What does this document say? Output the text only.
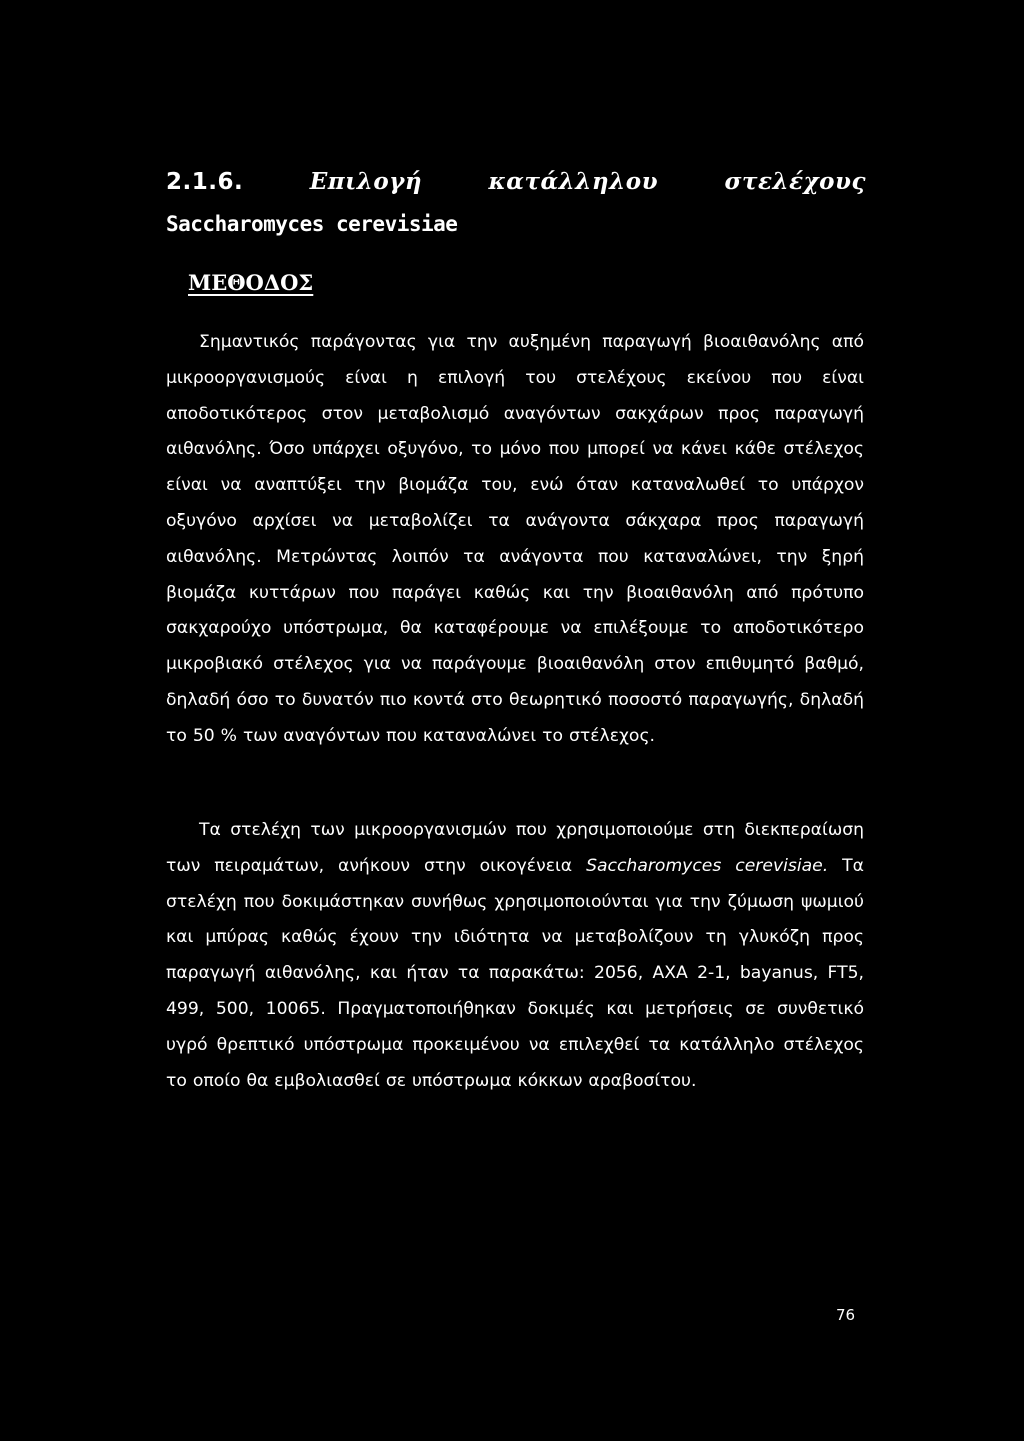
2.1.6.	Επιλογή	κατάλληλου	στελέχους
Saccharomyces cerevisiae
ΜΕΘΟΔΟΣ

Σημαντικός παράγοντας για την αυξημένη παραγωγή βιοαιθανόλης από μικροοργανισμούς είναι η επιλογή του στελέχους εκείνου που είναι αποδοτικότερος στον μεταβολισμό αναγόντων σακχάρων προς παραγωγή αιθανόλης. Όσο υπάρχει οξυγόνο, το μόνο που μπορεί να κάνει κάθε στέλεχος είναι να αναπτύξει την βιομάζα του, ενώ όταν καταναλωθεί το υπάρχον οξυγόνο αρχίσει να μεταβολίζει τα ανάγοντα σάκχαρα προς παραγωγή αιθανόλης. Μετρώντας λοιπόν τα ανάγοντα που καταναλώνει, την ξηρή βιομάζα κυττάρων που παράγει καθώς και την βιοαιθανόλη από πρότυπο σακχαρούχο υπόστρωμα, θα καταφέρουμε να επιλέξουμε το αποδοτικότερο μικροβιακό στέλεχος για να παράγουμε βιοαιθανόλη στον επιθυμητό βαθμό, δηλαδή όσο το δυνατόν πιο κοντά στο θεωρητικό ποσοστό παραγωγής, δηλαδή το 50 % των αναγόντων που καταναλώνει το στέλεχος.

Τα στελέχη των μικροοργανισμών που χρησιμοποιούμε στη διεκπεραίωση των πειραμάτων, ανήκουν στην οικογένεια Saccharomyces cerevisiae. Τα στελέχη που δοκιμάστηκαν συνήθως χρησιμοποιούνται για την ζύμωση ψωμιού και μπύρας καθώς έχουν την ιδιότητα να μεταβολίζουν τη γλυκόζη προς παραγωγή αιθανόλης, και ήταν τα παρακάτω: 2056, ΑΧΑ 2-1, bayanus, FT5, 499, 500, 10065. Πραγματοποιήθηκαν δοκιμές και μετρήσεις σε συνθετικό υγρό θρεπτικό υπόστρωμα προκειμένου να επιλεχθεί τα κατάλληλο στέλεχος το οποίο θα εμβολιασθεί σε υπόστρωμα κόκκων αραβοσίτου.

76
